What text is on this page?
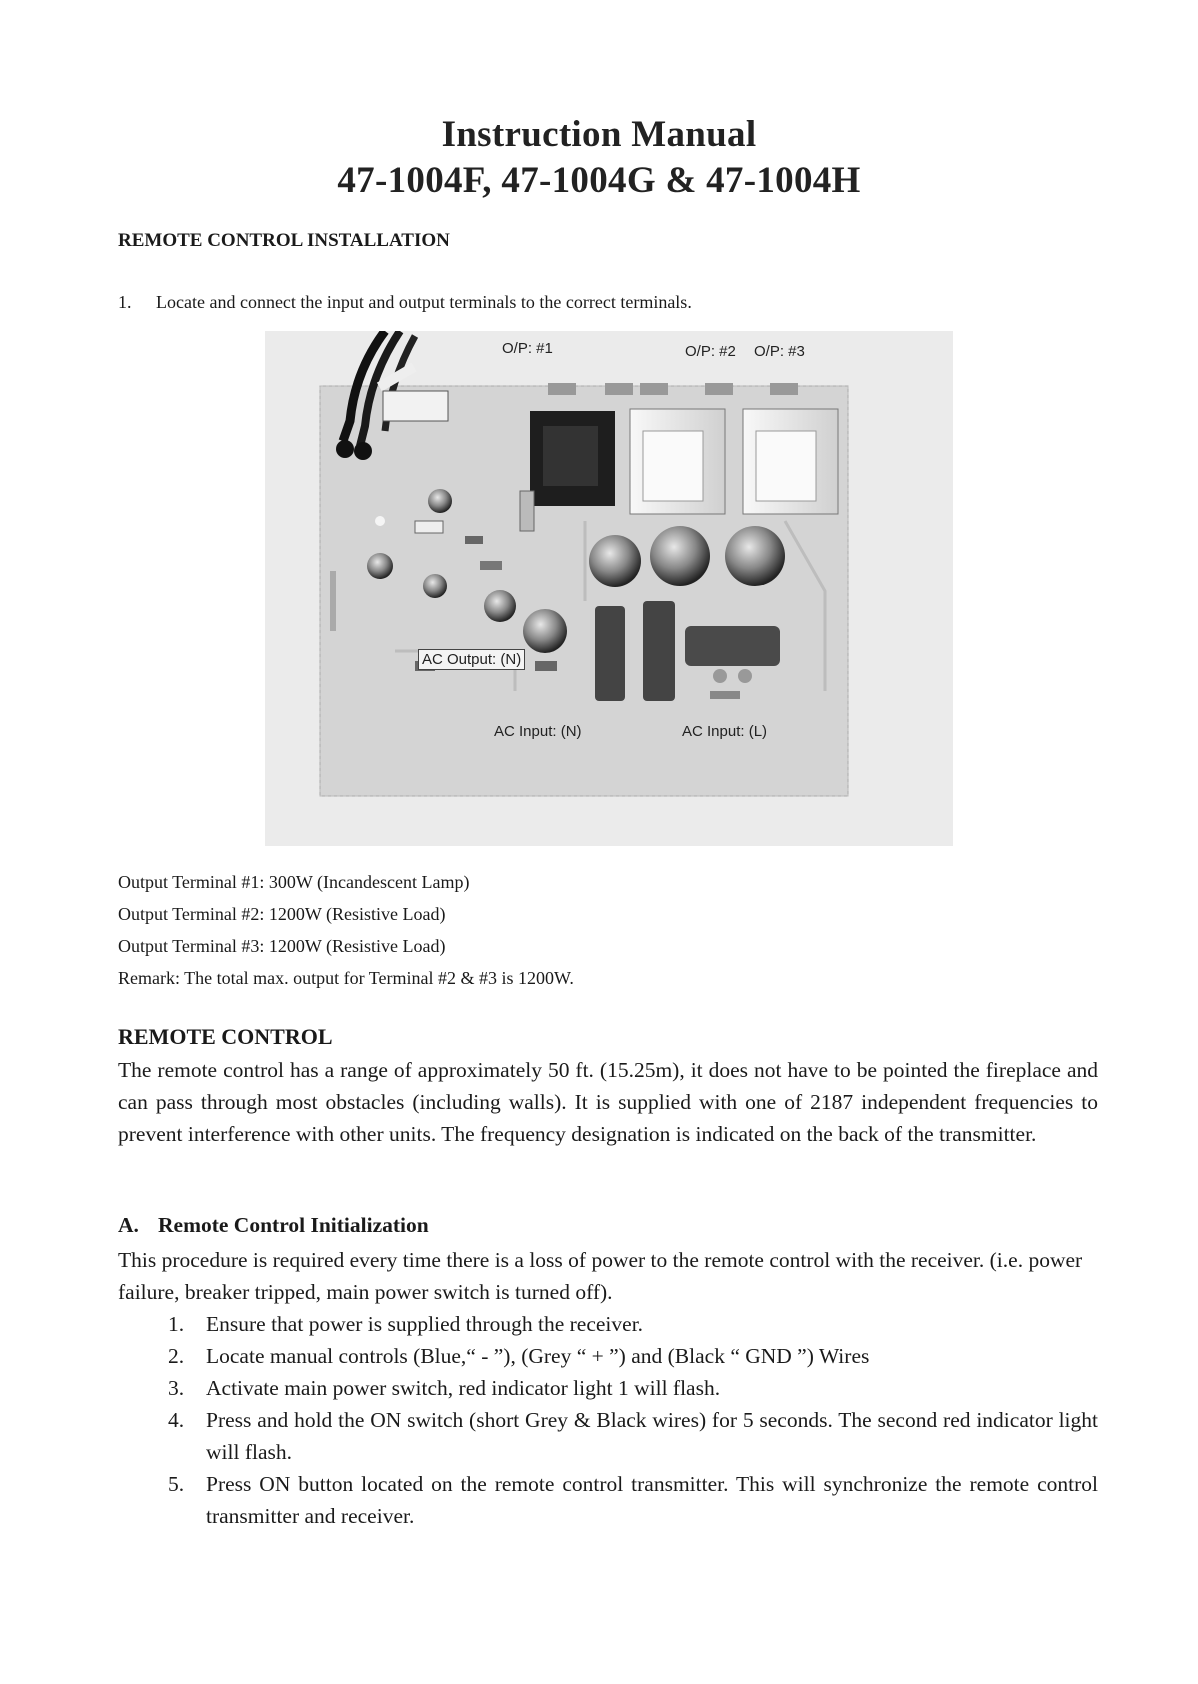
Instruction Manual
47-1004F, 47-1004G & 47-1004H
REMOTE CONTROL INSTALLATION
1. Locate and connect the input and output terminals to the correct terminals.
O/P: #1	O/P: #2 O/P: #3
AC Output: (N)
AC Input: (N)	AC Input: (L)
Output Terminal #1: 300W (Incandescent Lamp)
Output Terminal #2: 1200W (Resistive Load)
Output Terminal #3: 1200W (Resistive Load)
Remark: The total max. output for Terminal #2 & #3 is 1200W.
REMOTE CONTROL
The remote control has a range of approximately 50 ft. (15.25m), it does not have to be pointed the fireplace and can pass through most obstacles (including walls). It is supplied with one of 2187 independent frequencies to prevent interference with other units. The frequency designation is indicated on the back of the transmitter.
A. Remote Control Initialization
This procedure is required every time there is a loss of power to the remote control with the receiver. (i.e. power failure, breaker tripped, main power switch is turned off).
1.	Ensure that power is supplied through the receiver.
2.	Locate manual controls (Blue,“ - ”), (Grey “ + ”) and (Black “ GND ”) Wires
3.	Activate main power switch, red indicator light 1 will flash.
4.	Press and hold the ON switch (short Grey & Black wires) for 5 seconds. The second red indicator light will flash.
5.	Press ON button located on the remote control transmitter. This will synchronize the remote control transmitter and receiver.
